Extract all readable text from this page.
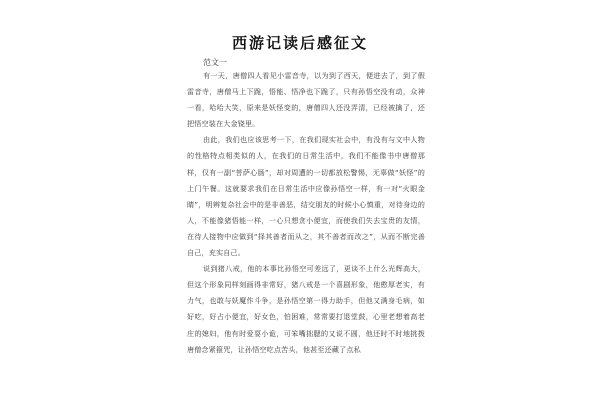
西游记读后感征文

范文一

有一天，唐僧四人看见小雷音寺，以为到了西天，便进去了，到了假雷音寺，唐僧马上下跪，悟能、悟净也下跪了，只有孙悟空没有动，众神一看，哈哈大笑，原来是妖怪变的，唐僧四人还没弄清，已经被擒了，还把悟空装在大金铙里。

由此，我们也应该思考一下，在我们现实社会中，有没有与文中人物的性格特点相类似的人，在我们的日常生活中，我们不能像书中唐僧那样，仅有一副“菩萨心肠”，却对周遭的一切都放松警惕，无辜做“妖怪”的上门午餐。这就要求我们在日常生活中应像孙悟空一样，有一对“火眼金睛”，明辨复杂社会中的是非善恶，结交朋友的时候小心慎重，对待身边的人，不能像猪悟能一样，一心只想贪小便宜，而使我们失去宝贵的友情，在待人接物中应做到“择其善者而从之，其不善者而改之”，从而不断完善自己，充实自己。

说到猪八戒，他的本事比孙悟空可差远了，更谈不上什么光辉高大，但这个形象同样刻画得非常好，猪八戒是一个喜剧形象，他憨厚老实，有力气，也敢与妖魔作斗争，是孙悟空第一得力助手，但他又满身毛病，如好吃，好占小便宜，好女色，怕困难，常常要打退堂鼓，心里老想着高老庄的媳妇，他有时爱耍小诡，可笨嘴拙腮的又说不圆，他还时不时地挑拨唐僧念紧箍咒，让孙悟空吃点苦头，他甚至还藏了点私
